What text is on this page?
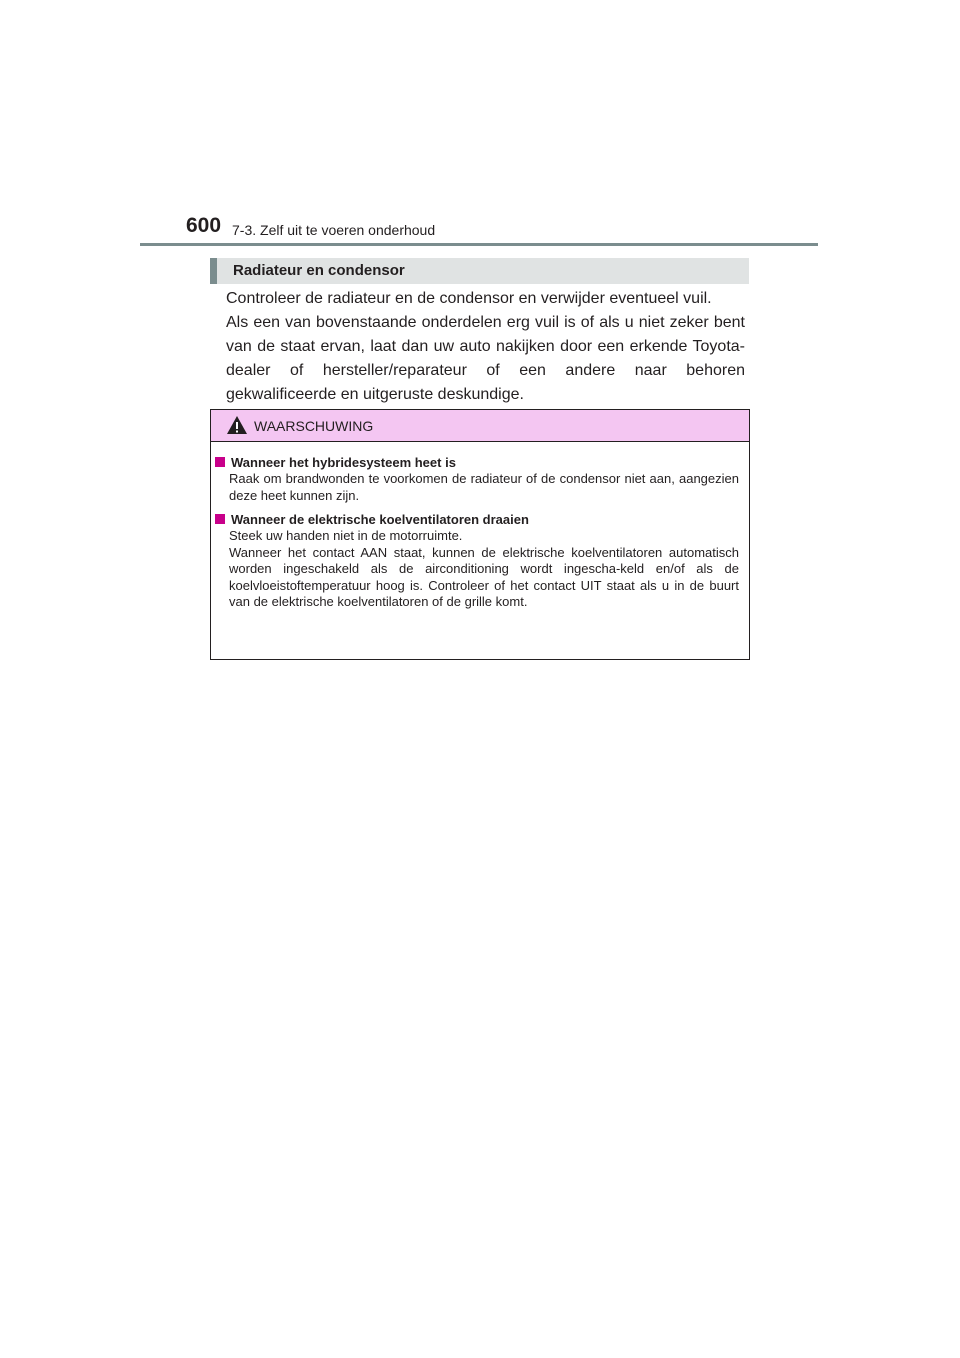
600 7-3. Zelf uit te voeren onderhoud
Radiateur en condensor

Controleer de radiateur en de condensor en verwijder eventueel vuil.

Als een van bovenstaande onderdelen erg vuil is of als u niet zeker bent van de staat ervan, laat dan uw auto nakijken door een erkende Toyota-dealer of hersteller/reparateur of een andere naar behoren gekwalificeerde en uitgeruste deskundige.

WAARSCHUWING
Wanneer het hybridesysteem heet is
Raak om brandwonden te voorkomen de radiateur of de condensor niet aan, aangezien deze heet kunnen zijn.
Wanneer de elektrische koelventilatoren draaien
Steek uw handen niet in de motorruimte.
Wanneer het contact AAN staat, kunnen de elektrische koelventilatoren automatisch worden ingeschakeld als de airconditioning wordt ingescha-keld en/of als de koelvloeistoftemperatuur hoog is. Controleer of het contact UIT staat als u in de buurt van de elektrische koelventilatoren of de grille komt.
